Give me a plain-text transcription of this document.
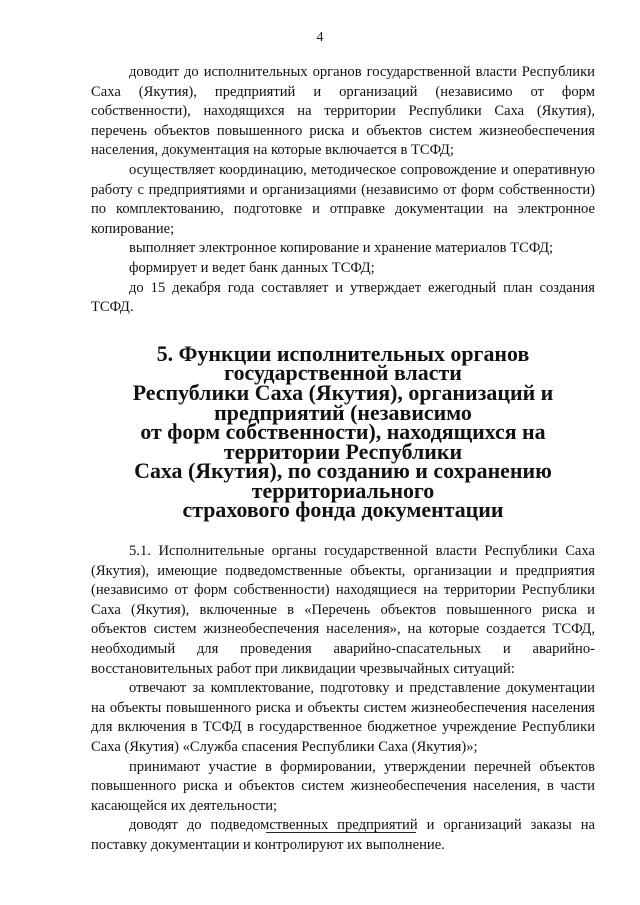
4

доводит до исполнительных органов государственной власти Республики Саха (Якутия), предприятий и организаций (независимо от форм собственности), находящихся на территории Республики Саха (Якутия), перечень объектов повышенного риска и объектов систем жизнеобеспечения населения, документация на которые включается в ТСФД;

осуществляет координацию, методическое сопровождение и оперативную работу с предприятиями и организациями (независимо от форм собственности) по комплектованию, подготовке и отправке документации на электронное копирование;

выполняет электронное копирование и хранение материалов ТСФД;

формирует и ведет банк данных ТСФД;

до 15 декабря года составляет и утверждает ежегодный план создания ТСФД.

5. Функции исполнительных органов государственной власти
Республики Саха (Якутия), организаций и предприятий (независимо
от форм собственности), находящихся на территории Республики
Саха (Якутия), по созданию и сохранению территориального
страхового фонда документации

5.1. Исполнительные органы государственной власти Республики Саха (Якутия), имеющие подведомственные объекты, организации и предприятия (независимо от форм собственности) находящиеся на территории Республики Саха (Якутия), включенные в «Перечень объектов повышенного риска и объектов систем жизнеобеспечения населения», на которые создается ТСФД, необходимый для проведения аварийно-спасательных и аварийно-восстановительных работ при ликвидации чрезвычайных ситуаций:

отвечают за комплектование, подготовку и представление документации на объекты повышенного риска и объекты систем жизнеобеспечения населения для включения в ТСФД в государственное бюджетное учреждение Республики Саха (Якутия) «Служба спасения Республики Саха (Якутия)»;

принимают участие в формировании, утверждении перечней объектов повышенного риска и объектов систем жизнеобеспечения населения, в части касающейся их деятельности;

доводят до подведомственных предприятий и организаций заказы на поставку документации и контролируют их выполнение.
